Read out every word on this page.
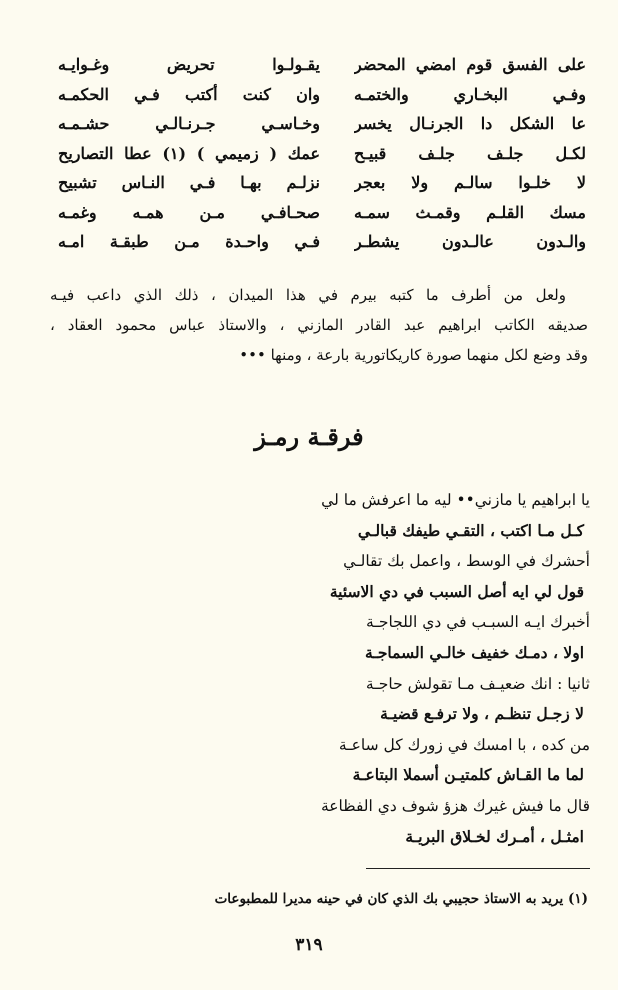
يقـولـوا تحريض وغـوايـه
وان كنت أكتب فـي الحكمـه
وخـاسـي جـرنـالـي حشـمـه
عمك ( زميمي ) (١) عطا التصاريح
نزلـم بهـا فـي النـاس تشبيح
صحـافـي مـن همـه وغمـه
فـي واحـدة مـن طبقـة امـه
على الفسق قوم امضي المحضر
وفـي البخـاري والختمـه
عا الشكل دا الجرنـال يخسر
لكـل جلـف جلـف قبيـح
لا خلـوا سالـم ولا بعجر
مسك القلـم وقمـث سمـه
والـدون عالـدون يشطـر
ولعل من أطرف ما كتبه بيرم في هذا الميدان ، ذلك الذي داعب فيـه
صديقه الكاتب ابراهيم عبد القادر المازني ، والاستاذ عباس محمود العقاد ،
وقد وضع لكل منهما صورة كاريكاتورية بارعة ، ومنها •••
فرقـة رمـز
يا ابراهيم يا مازني•• ليه ما اعرفش ما لي
كـل مـا اكتب ، التقـي طيفك قبالـي
أحشرك في الوسط ، واعمل بك تقالـي
قول لي ايه أصل السبب في دي الاسئية
أخبرك ايـه السبـب في دي اللجاجـة
اولا ، دمـك خفيف خالـي السماجـة
ثانيا : انك ضعيـف مـا تقولش حاجـة
لا زجـل تنظـم ، ولا ترفـع قضيـة
من كده ، با امسك في زورك كل ساعـة
لما ما القـاش كلمتيـن أسملا البتاعـة
قال ما فيش غيرك هزؤ شوف دي الفظاعة
امثـل ، أمـرك لخـلاق البريـة
(١) يريد به الاستاذ حجيبي بك الذي كان في حينه مديرا للمطبوعات
٣١٩
